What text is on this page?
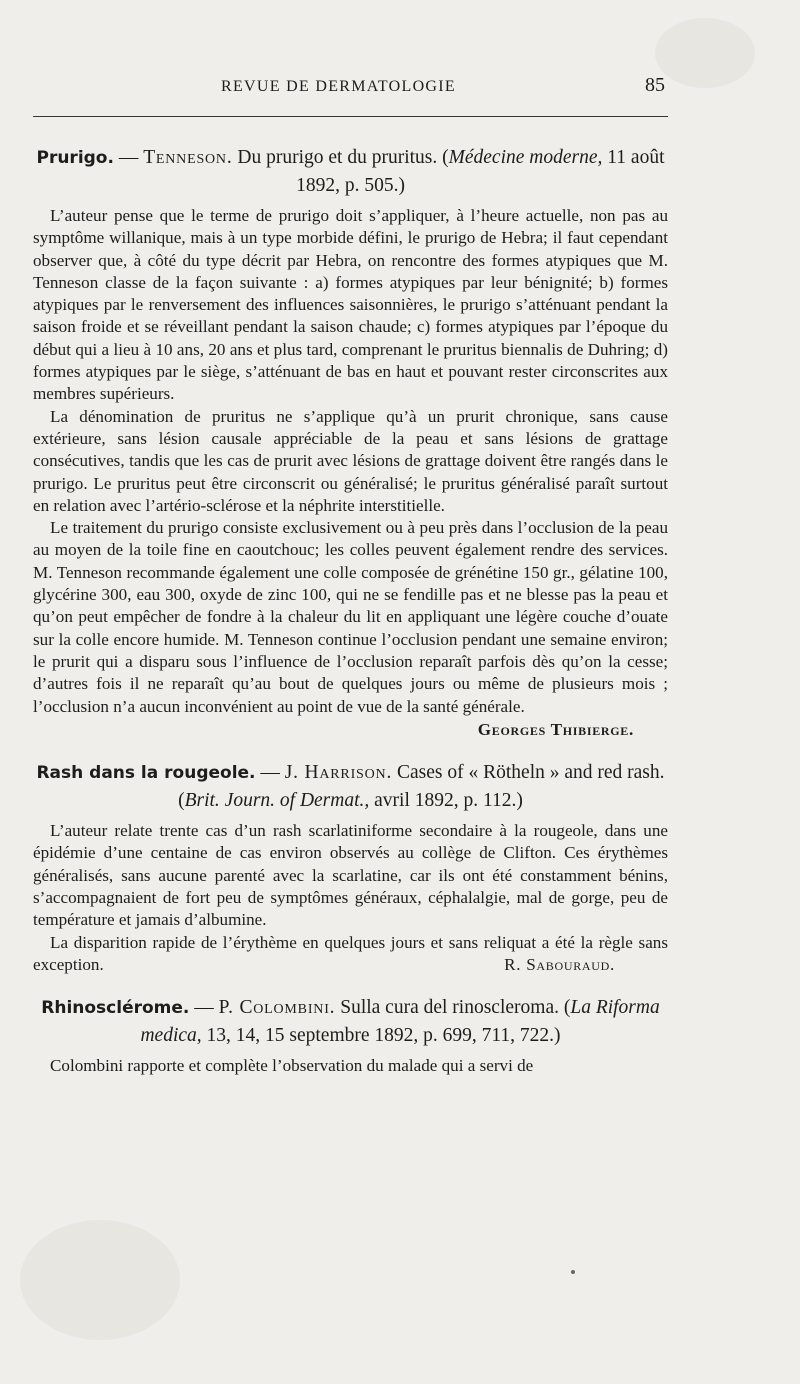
REVUE DE DERMATOLOGIE	85
Prurigo. — Tenneson. Du prurigo et du pruritus. (Médecine moderne, 11 août 1892, p. 505.)

L’auteur pense que le terme de prurigo doit s’appliquer, à l’heure actuelle, non pas au symptôme willanique, mais à un type morbide défini, le prurigo de Hebra; il faut cependant observer que, à côté du type décrit par Hebra, on rencontre des formes atypiques que M. Tenneson classe de la façon suivante : a) formes atypiques par leur bénignité; b) formes atypiques par le renversement des influences saisonnières, le prurigo s’atténuant pendant la saison froide et se réveillant pendant la saison chaude; c) formes atypiques par l’époque du début qui a lieu à 10 ans, 20 ans et plus tard, comprenant le pruritus biennalis de Duhring; d) formes atypiques par le siège, s’atténuant de bas en haut et pouvant rester circonscrites aux membres supérieurs.

La dénomination de pruritus ne s’applique qu’à un prurit chronique, sans cause extérieure, sans lésion causale appréciable de la peau et sans lésions de grattage consécutives, tandis que les cas de prurit avec lésions de grattage doivent être rangés dans le prurigo. Le pruritus peut être circonscrit ou généralisé; le pruritus généralisé paraît surtout en relation avec l’artério-sclérose et la néphrite interstitielle.

Le traitement du prurigo consiste exclusivement ou à peu près dans l’occlusion de la peau au moyen de la toile fine en caoutchouc; les colles peuvent également rendre des services. M. Tenneson recommande également une colle composée de grénétine 150 gr., gélatine 100, glycérine 300, eau 300, oxyde de zinc 100, qui ne se fendille pas et ne blesse pas la peau et qu’on peut empêcher de fondre à la chaleur du lit en appliquant une légère couche d’ouate sur la colle encore humide. M. Tenneson continue l’occlusion pendant une semaine environ; le prurit qui a disparu sous l’influence de l’occlusion reparaît parfois dès qu’on la cesse; d’autres fois il ne reparaît qu’au bout de quelques jours ou même de plusieurs mois ; l’occlusion n’a aucun inconvénient au point de vue de la santé générale.

Georges Thibierge.
Rash dans la rougeole. — J. Harrison. Cases of « Rötheln » and red rash. (Brit. Journ. of Dermat., avril 1892, p. 112.)

L’auteur relate trente cas d’un rash scarlatiniforme secondaire à la rougeole, dans une épidémie d’une centaine de cas environ observés au collège de Clifton. Ces érythèmes généralisés, sans aucune parenté avec la scarlatine, car ils ont été constamment bénins, s’accompagnaient de fort peu de symptômes généraux, céphalalgie, mal de gorge, peu de température et jamais d’albumine.

La disparition rapide de l’érythème en quelques jours et sans reliquat a été la règle sans exception.	R. Sabouraud.

Rhinosclérome. — P. Colombini. Sulla cura del rinoscleroma. (La Riforma medica, 13, 14, 15 septembre 1892, p. 699, 711, 722.)

Colombini rapporte et complète l’observation du malade qui a servi de
